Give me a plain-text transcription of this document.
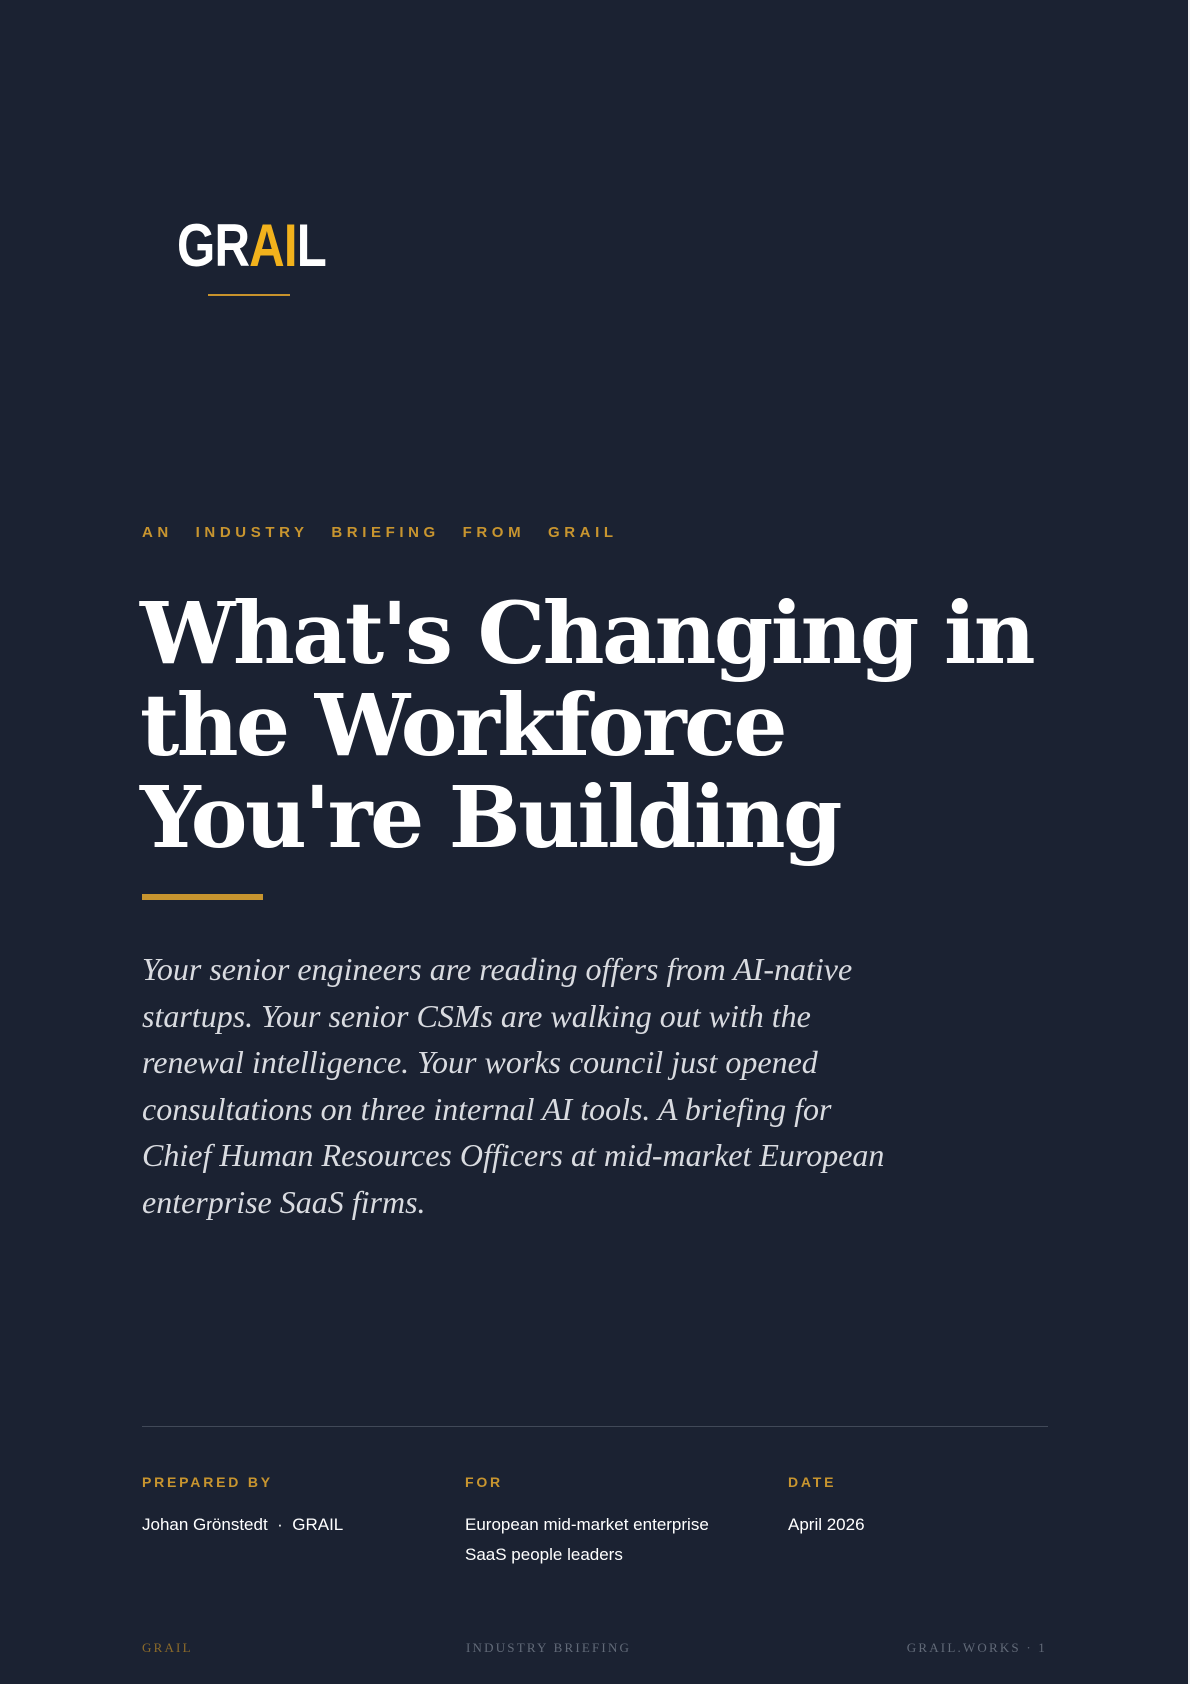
GRAIL
AN INDUSTRY BRIEFING FROM GRAIL
What's Changing in
the Workforce
You're Building
Your senior engineers are reading offers from AI-native
startups. Your senior CSMs are walking out with the
renewal intelligence. Your works council just opened
consultations on three internal AI tools. A briefing for
Chief Human Resources Officers at mid-market European
enterprise SaaS firms.
PREPARED BY
Johan Grönstedt  ·  GRAIL
FOR
European mid-market enterprise
SaaS people leaders
DATE
April 2026
GRAIL	INDUSTRY BRIEFING	GRAIL.WORKS · 1
